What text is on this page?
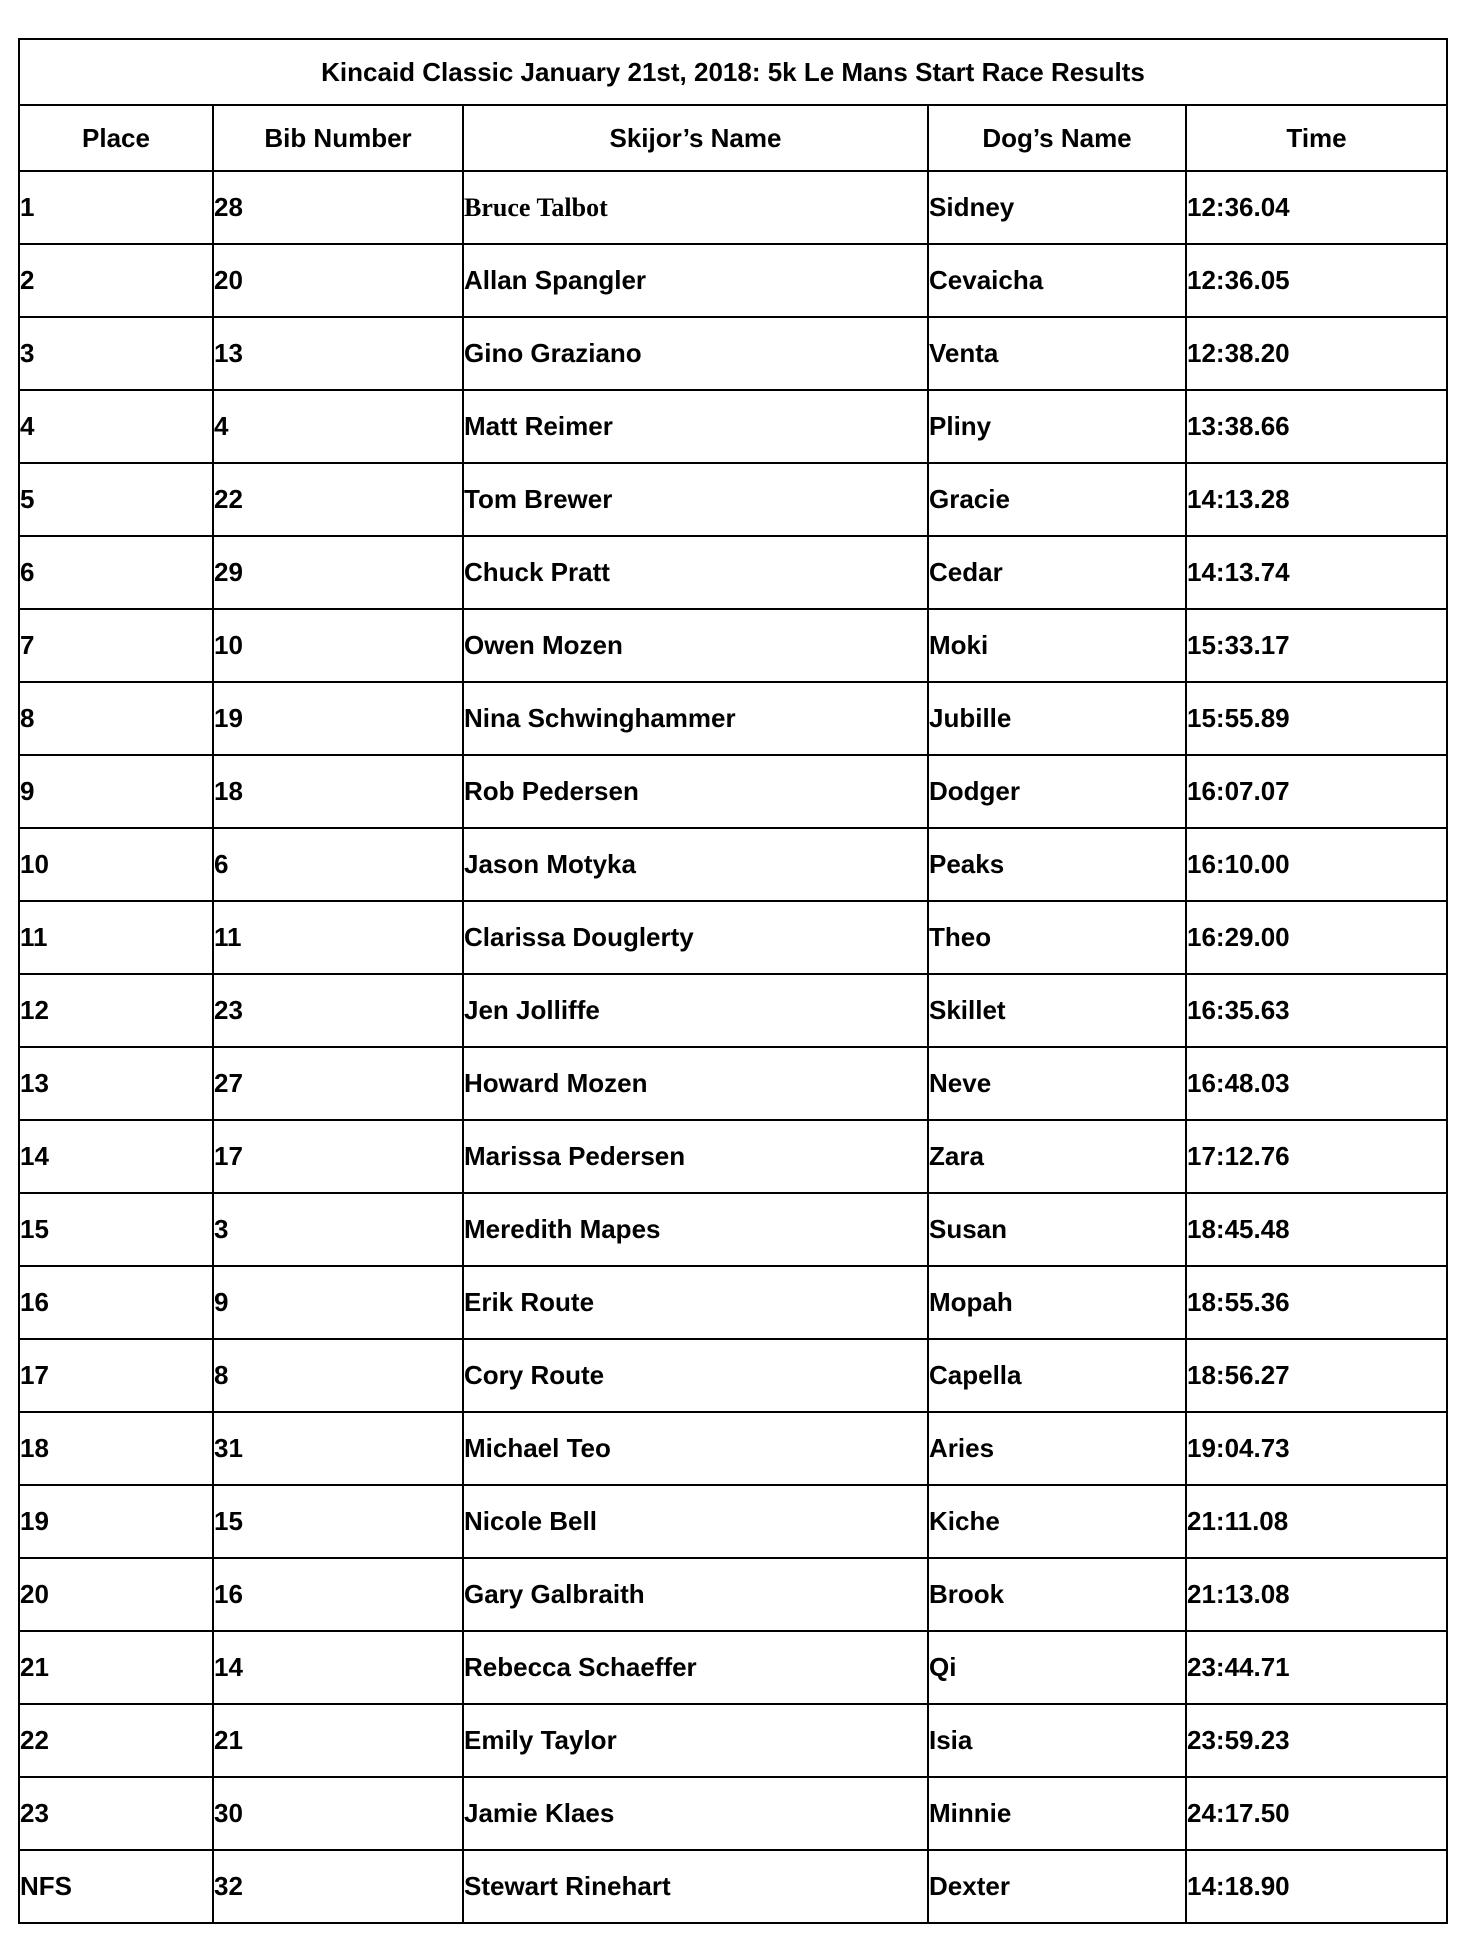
Kincaid Classic January 21st, 2018: 5k Le Mans Start Race Results				
Place	Bib Number	Skijor’s Name	Dog’s Name	Time
1	28	Bruce Talbot	Sidney	12:36.04
2	20	Allan Spangler	Cevaicha	12:36.05
3	13	Gino Graziano	Venta	12:38.20
4	4	Matt Reimer	Pliny	13:38.66
5	22	Tom Brewer	Gracie	14:13.28
6	29	Chuck Pratt	Cedar	14:13.74
7	10	Owen Mozen	Moki	15:33.17
8	19	Nina Schwinghammer	Jubille	15:55.89
9	18	Rob Pedersen	Dodger	16:07.07
10	6	Jason Motyka	Peaks	16:10.00
11	11	Clarissa Douglerty	Theo	16:29.00
12	23	Jen Jolliffe	Skillet	16:35.63
13	27	Howard Mozen	Neve	16:48.03
14	17	Marissa Pedersen	Zara	17:12.76
15	3	Meredith Mapes	Susan	18:45.48
16	9	Erik Route	Mopah	18:55.36
17	8	Cory Route	Capella	18:56.27
18	31	Michael Teo	Aries	19:04.73
19	15	Nicole Bell	Kiche	21:11.08
20	16	Gary Galbraith	Brook	21:13.08
21	14	Rebecca Schaeffer	Qi	23:44.71
22	21	Emily Taylor	Isia	23:59.23
23	30	Jamie Klaes	Minnie	24:17.50
NFS	32	Stewart Rinehart	Dexter	14:18.90
